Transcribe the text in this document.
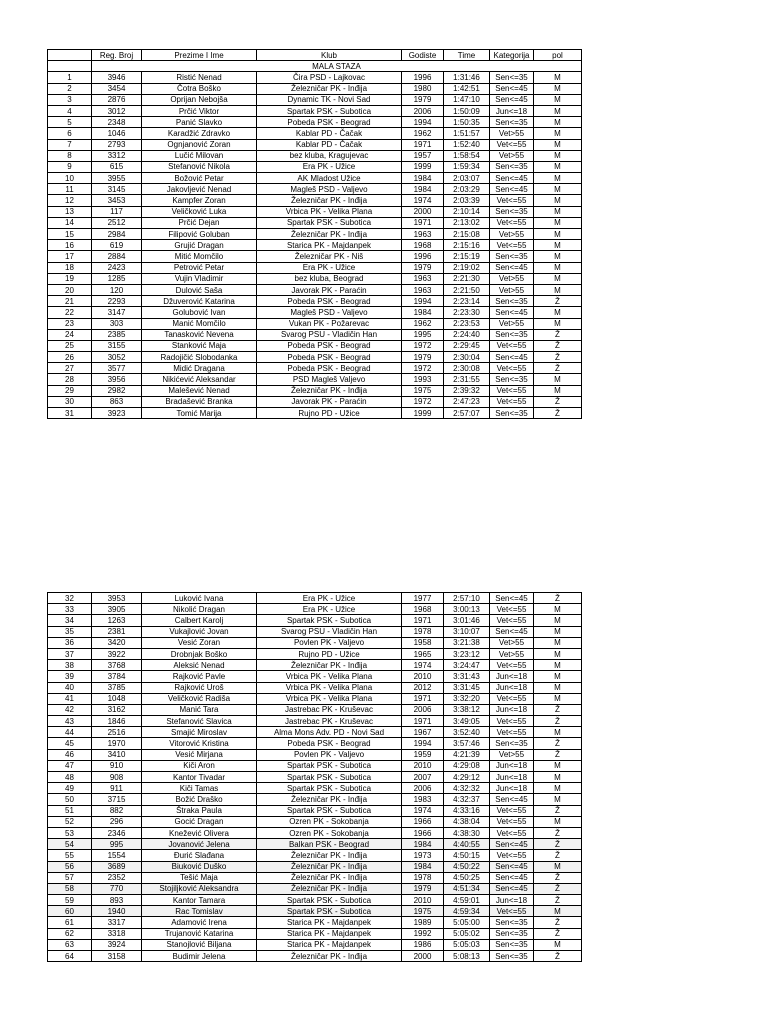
	Reg. Broj	Prezime I Ime	Klub	Godiste	Time	Kategorija	pol
	MALA STAZA						
1	3946	Ristić Nenad	Čira PSD - Lajkovac	1996	1:31:46	Sen<=35	M
2	3454	Čotra Boško	Železničar PK - Inđija	1980	1:42:51	Sen<=45	M
3	2876	Oprijan Nebojša	Dynamic TK - Novi Sad	1979	1:47:10	Sen<=45	M
4	3012	Prčić Viktor	Spartak PSK - Subotica	2006	1:50:09	Jun<=18	M
5	2348	Panić Slavko	Pobeda PSK - Beograd	1994	1:50:35	Sen<=35	M
6	1046	Karadžić Zdravko	Kablar PD - Čačak	1962	1:51:57	Vet>55	M
7	2793	Ognjanović Zoran	Kablar PD - Čačak	1971	1:52:40	Vet<=55	M
8	3312	Lučić Milovan	bez kluba, Kragujevac	1957	1:58:54	Vet>55	M
9	615	Stefanović Nikola	Era PK - Užice	1999	1:59:34	Sen<=35	M
10	3955	Božović Petar	AK Mladost Užice	1984	2:03:07	Sen<=45	M
11	3145	Jakovljević Nenad	Magleš PSD - Valjevo	1984	2:03:29	Sen<=45	M
12	3453	Kampfer Zoran	Železničar PK - Inđija	1974	2:03:39	Vet<=55	M
13	117	Veličković Luka	Vrbica PK - Velika Plana	2000	2:10:14	Sen<=35	M
14	2512	Prčić Dejan	Spartak PSK - Subotica	1971	2:13:02	Vet<=55	M
15	2984	Filipović Goluban	Železničar PK - Inđija	1963	2:15:08	Vet>55	M
16	619	Grujić Dragan	Starica PK - Majdanpek	1968	2:15:16	Vet<=55	M
17	2884	Mitić Momčilo	Železničar PK - Niš	1996	2:15:19	Sen<=35	M
18	2423	Petrović Petar	Era PK - Užice	1979	2:19:02	Sen<=45	M
19	1285	Vujin Vladimir	bez kluba, Beograd	1963	2:21:30	Vet>55	M
20	120	Dulović Saša	Javorak PK - Paraćin	1963	2:21:50	Vet>55	M
21	2293	Džuverović Katarina	Pobeda PSK - Beograd	1994	2:23:14	Sen<=35	Ž
22	3147	Golubović Ivan	Magleš PSD - Valjevo	1984	2:23:30	Sen<=45	M
23	303	Manić Momčilo	Vukan PK - Požarevac	1962	2:23:53	Vet>55	M
24	2385	Tanasković Nevena	Svarog PSU - Vladičin Han	1995	2:24:40	Sen<=35	Ž
25	3155	Stanković Maja	Pobeda PSK - Beograd	1972	2:29:45	Vet<=55	Ž
26	3052	Radojičić Slobodanka	Pobeda PSK - Beograd	1979	2:30:04	Sen<=45	Ž
27	3577	Midić Dragana	Pobeda PSK - Beograd	1972	2:30:08	Vet<=55	Ž
28	3956	Nikićević Aleksandar	PSD Magleš Valjevo	1993	2:31:55	Sen<=35	M
29	2982	Malešević Nenad	Železničar PK - Inđija	1975	2:39:32	Vet<=55	M
30	863	Bradašević Branka	Javorak PK - Paraćin	1972	2:47:23	Vet<=55	Ž
31	3923	Tomić Marija	Rujno PD - Užice	1999	2:57:07	Sen<=35	Ž
32	3953	Luković Ivana	Era PK - Užice	1977	2:57:10	Sen<=45	Ž
33	3905	Nikolić Dragan	Era PK - Užice	1968	3:00:13	Vet<=55	M
34	1263	Calbert Karolj	Spartak PSK - Subotica	1971	3:01:46	Vet<=55	M
35	2381	Vukajlović Jovan	Svarog PSU - Vladičin Han	1978	3:10:07	Sen<=45	M
36	3420	Vesić Zoran	Povlen PK - Valjevo	1958	3:21:38	Vet>55	M
37	3922	Drobnjak Boško	Rujno PD - Užice	1965	3:23:12	Vet>55	M
38	3768	Aleksić Nenad	Železničar PK - Inđija	1974	3:24:47	Vet<=55	M
39	3784	Rajković Pavle	Vrbica PK - Velika Plana	2010	3:31:43	Jun<=18	M
40	3785	Rajković Uroš	Vrbica PK - Velika Plana	2012	3:31:45	Jun<=18	M
41	1048	Veličković Radiša	Vrbica PK - Velika Plana	1971	3:32:20	Vet<=55	M
42	3162	Manić Tara	Jastrebac PK - Kruševac	2006	3:38:12	Jun<=18	Ž
43	1846	Stefanović Slavica	Jastrebac PK - Kruševac	1971	3:49:05	Vet<=55	Ž
44	2516	Smajić Miroslav	Alma Mons Adv. PD - Novi Sad	1967	3:52:40	Vet<=55	M
45	1970	Vitorović Kristina	Pobeda PSK - Beograd	1994	3:57:46	Sen<=35	Ž
46	3410	Vesić Mirjana	Povlen PK - Valjevo	1959	4:21:39	Vet>55	Ž
47	910	Kiči Aron	Spartak PSK - Subotica	2010	4:29:08	Jun<=18	M
48	908	Kantor Tivadar	Spartak PSK - Subotica	2007	4:29:12	Jun<=18	M
49	911	Kiči Tamas	Spartak PSK - Subotica	2006	4:32:32	Jun<=18	M
50	3715	Božić Draško	Železničar PK - Inđija	1983	4:32:37	Sen<=45	M
51	882	Štraka Paula	Spartak PSK - Subotica	1974	4:33:16	Vet<=55	Ž
52	296	Gocić Dragan	Ozren PK - Sokobanja	1966	4:38:04	Vet<=55	M
53	2346	Knežević Olivera	Ozren PK - Sokobanja	1966	4:38:30	Vet<=55	Ž
54	995	Jovanović Jelena	Balkan PSK - Beograd	1984	4:40:55	Sen<=45	Ž
55	1554	Đurić Slađana	Železničar PK - Inđija	1973	4:50:15	Vet<=55	Ž
56	3689	Biuković Duško	Železničar PK - Inđija	1984	4:50:22	Sen<=45	M
57	2352	Tešić Maja	Železničar PK - Inđija	1978	4:50:25	Sen<=45	Ž
58	770	Stojiljković Aleksandra	Železničar PK - Inđija	1979	4:51:34	Sen<=45	Ž
59	893	Kantor Tamara	Spartak PSK - Subotica	2010	4:59:01	Jun<=18	Ž
60	1940	Rac Tomislav	Spartak PSK - Subotica	1975	4:59:34	Vet<=55	M
61	3317	Adamović Irena	Starica PK - Majdanpek	1989	5:05:00	Sen<=35	Ž
62	3318	Trujanović Katarina	Starica PK - Majdanpek	1992	5:05:02	Sen<=35	Ž
63	3924	Stanojlović Biljana	Starica PK - Majdanpek	1986	5:05:03	Sen<=35	M
64	3158	Budimir Jelena	Železničar PK - Inđija	2000	5:08:13	Sen<=35	Ž
